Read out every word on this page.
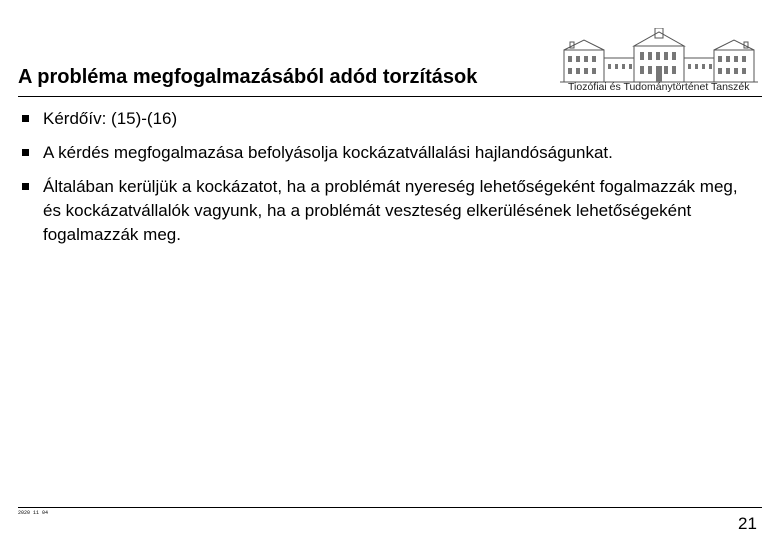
Tiozófiai és Tudománytörténet Tanszék
A probléma megfogalmazásából adód torzítások
Kérdőív: (15)-(16)
A kérdés megfogalmazása befolyásolja kockázatvállalási hajlandóságunkat.
Általában kerüljük a kockázatot, ha a problémát nyereség lehetőségeként fogalmazzák meg, és kockázatvállalók vagyunk, ha a problémát veszteség elkerülésének lehetőségeként fogalmazzák meg.
2020 11 04
21
